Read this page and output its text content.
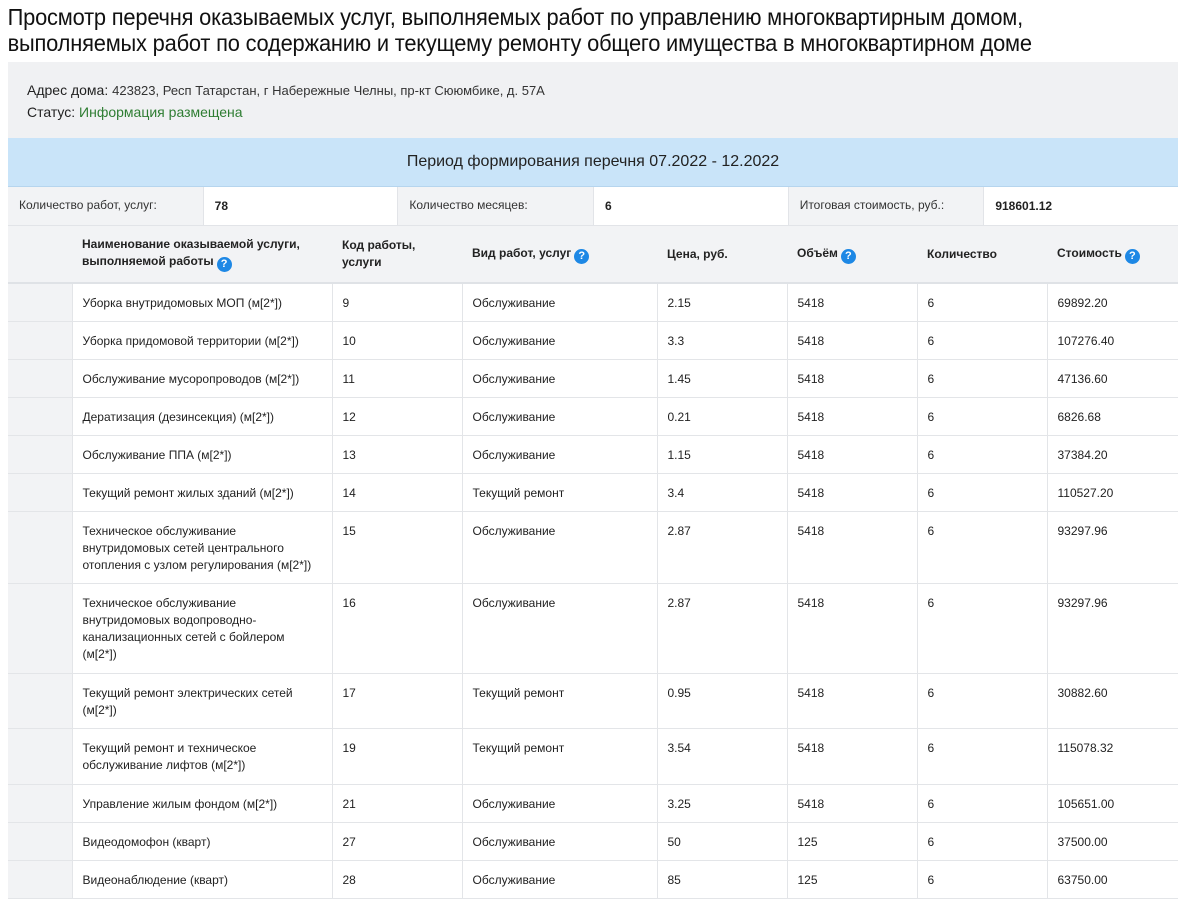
Просмотр перечня оказываемых услуг, выполняемых работ по управлению многоквартирным домом,
выполняемых работ по содержанию и текущему ремонту общего имущества в многоквартирном доме
Адрес дома: 423823, Респ Татарстан, г Набережные Челны, пр-кт Сююмбике, д. 57А
Статус: Информация размещена
Период формирования перечня 07.2022 - 12.2022
Количество работ, услуг:	78	Количество месяцев:	6	Итоговая стоимость, руб.:	918601.12
	Наименование оказываемой услуги, выполняемой работы ?	Код работы, услуги	Вид работ, услуг ?	Цена, руб.	Объём ?	Количество	Стоимость ?
	Уборка внутридомовых МОП (м[2*])	9	Обслуживание	2.15	5418	6	69892.20
	Уборка придомовой территории (м[2*])	10	Обслуживание	3.3	5418	6	107276.40
	Обслуживание мусоропроводов (м[2*])	11	Обслуживание	1.45	5418	6	47136.60
	Дератизация (дезинсекция) (м[2*])	12	Обслуживание	0.21	5418	6	6826.68
	Обслуживание ППА (м[2*])	13	Обслуживание	1.15	5418	6	37384.20
	Текущий ремонт жилых зданий (м[2*])	14	Текущий ремонт	3.4	5418	6	110527.20
	Техническое обслуживание внутридомовых сетей центрального отопления с узлом регулирования (м[2*])	15	Обслуживание	2.87	5418	6	93297.96
	Техническое обслуживание внутридомовых водопроводно-канализационных сетей с бойлером (м[2*])	16	Обслуживание	2.87	5418	6	93297.96
	Текущий ремонт электрических сетей (м[2*])	17	Текущий ремонт	0.95	5418	6	30882.60
	Текущий ремонт и техническое обслуживание лифтов (м[2*])	19	Текущий ремонт	3.54	5418	6	115078.32
	Управление жилым фондом (м[2*])	21	Обслуживание	3.25	5418	6	105651.00
	Видеодомофон (кварт)	27	Обслуживание	50	125	6	37500.00
	Видеонаблюдение (кварт)	28	Обслуживание	85	125	6	63750.00
